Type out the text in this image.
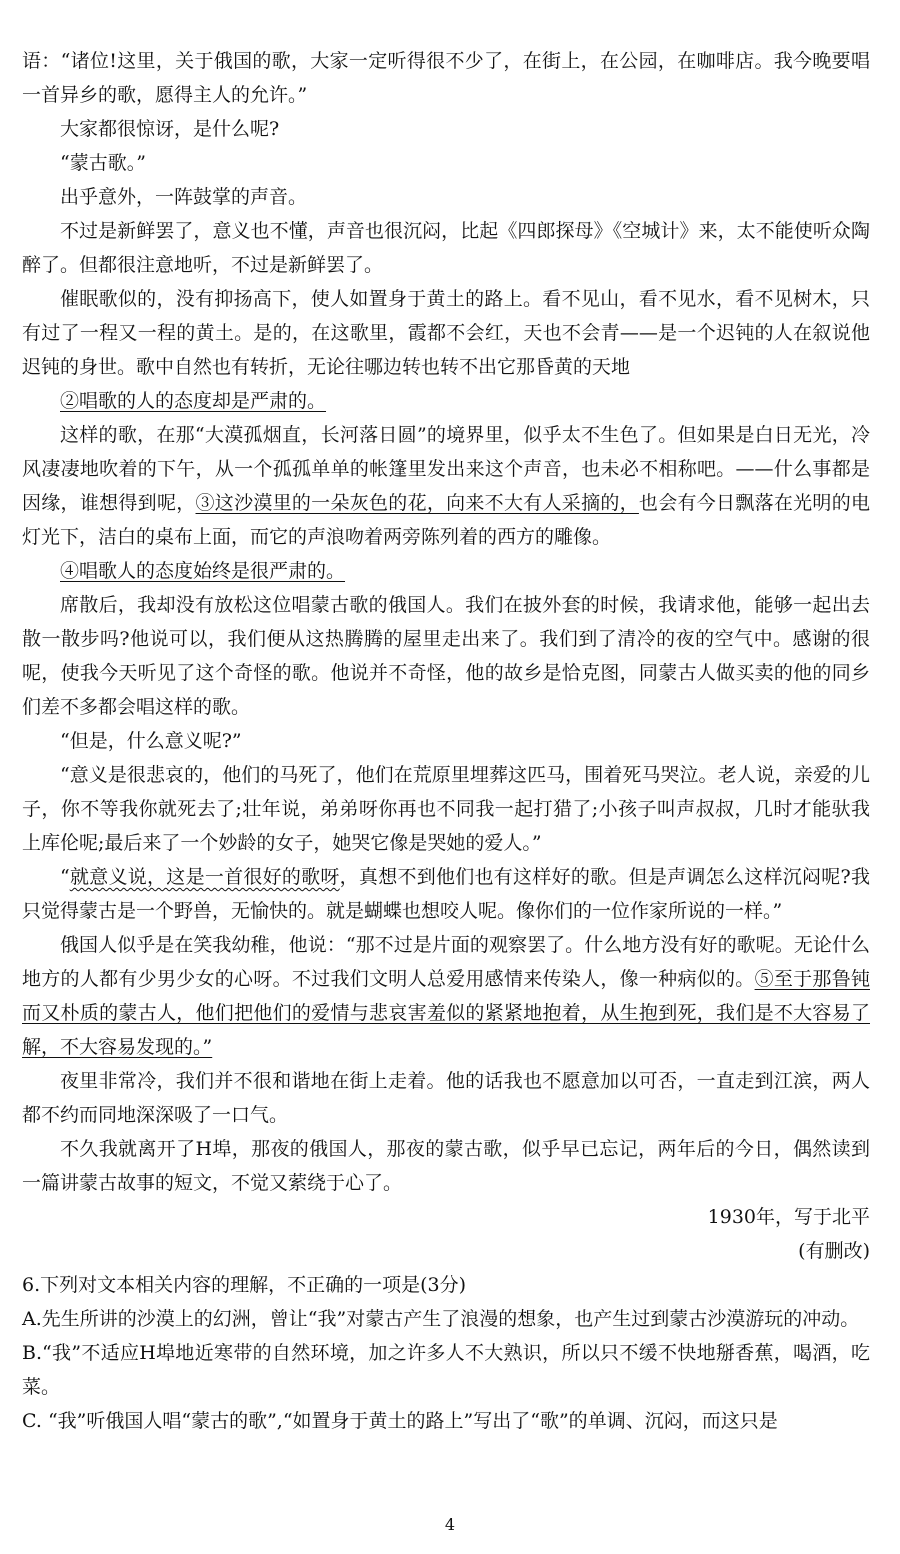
语：“诸位!这里，关于俄国的歌，大家一定听得很不少了，在街上，在公园，在咖啡店。我今晚要唱一首异乡的歌，愿得主人的允许。”

大家都很惊讶，是什么呢?

“蒙古歌。”

出乎意外，一阵鼓掌的声音。

不过是新鲜罢了，意义也不懂，声音也很沉闷，比起《四郎探母》《空城计》来，太不能使听众陶醉了。但都很注意地听，不过是新鲜罢了。

催眠歌似的，没有抑扬高下，使人如置身于黄土的路上。看不见山，看不见水，看不见树木，只有过了一程又一程的黄土。是的，在这歌里，霞都不会红，天也不会青——是一个迟钝的人在叙说他迟钝的身世。歌中自然也有转折，无论往哪边转也转不出它那昏黄的天地

②唱歌的人的态度却是严肃的。

这样的歌，在那“大漠孤烟直，长河落日圆”的境界里，似乎太不生色了。但如果是白日无光，冷风凄凄地吹着的下午，从一个孤孤单单的帐篷里发出来这个声音，也未必不相称吧。——什么事都是因缘，谁想得到呢，③这沙漠里的一朵灰色的花，向来不大有人采摘的，也会有今日飘落在光明的电灯光下，洁白的桌布上面，而它的声浪吻着两旁陈列着的西方的雕像。

④唱歌人的态度始终是很严肃的。

席散后，我却没有放松这位唱蒙古歌的俄国人。我们在披外套的时候，我请求他，能够一起出去散一散步吗?他说可以，我们便从这热腾腾的屋里走出来了。我们到了清冷的夜的空气中。感谢的很呢，使我今天听见了这个奇怪的歌。他说并不奇怪，他的故乡是恰克图，同蒙古人做买卖的他的同乡们差不多都会唱这样的歌。

“但是，什么意义呢?”

“意义是很悲哀的，他们的马死了，他们在荒原里埋葬这匹马，围着死马哭泣。老人说，亲爱的儿子，你不等我你就死去了;壮年说，弟弟呀你再也不同我一起打猎了;小孩子叫声叔叔，几时才能驮我上库伦呢;最后来了一个妙龄的女子，她哭它像是哭她的爱人。”

“就意义说，这是一首很好的歌呀，真想不到他们也有这样好的歌。但是声调怎么这样沉闷呢?我只觉得蒙古是一个野兽，无愉快的。就是蝴蝶也想咬人呢。像你们的一位作家所说的一样。”

俄国人似乎是在笑我幼稚，他说：“那不过是片面的观察罢了。什么地方没有好的歌呢。无论什么地方的人都有少男少女的心呀。不过我们文明人总爱用感情来传染人，像一种病似的。⑤至于那鲁钝而又朴质的蒙古人，他们把他们的爱情与悲哀害羞似的紧紧地抱着，从生抱到死，我们是不大容易了解，不大容易发现的。”

夜里非常冷，我们并不很和谐地在街上走着。他的话我也不愿意加以可否，一直走到江滨，两人都不约而同地深深吸了一口气。

不久我就离开了H埠，那夜的俄国人，那夜的蒙古歌，似乎早已忘记，两年后的今日，偶然读到一篇讲蒙古故事的短文，不觉又萦绕于心了。

1930年，写于北平

(有删改)

6.下列对文本相关内容的理解，不正确的一项是(3分)

A.先生所讲的沙漠上的幻洲，曾让“我”对蒙古产生了浪漫的想象，也产生过到蒙古沙漠游玩的冲动。

B.“我”不适应H埠地近寒带的自然环境，加之许多人不大熟识，所以只不缓不快地掰香蕉，喝酒，吃菜。

C. “我”听俄国人唱“蒙古的歌”,“如置身于黄土的路上”写出了“歌”的单调、沉闷，而这只是

4
